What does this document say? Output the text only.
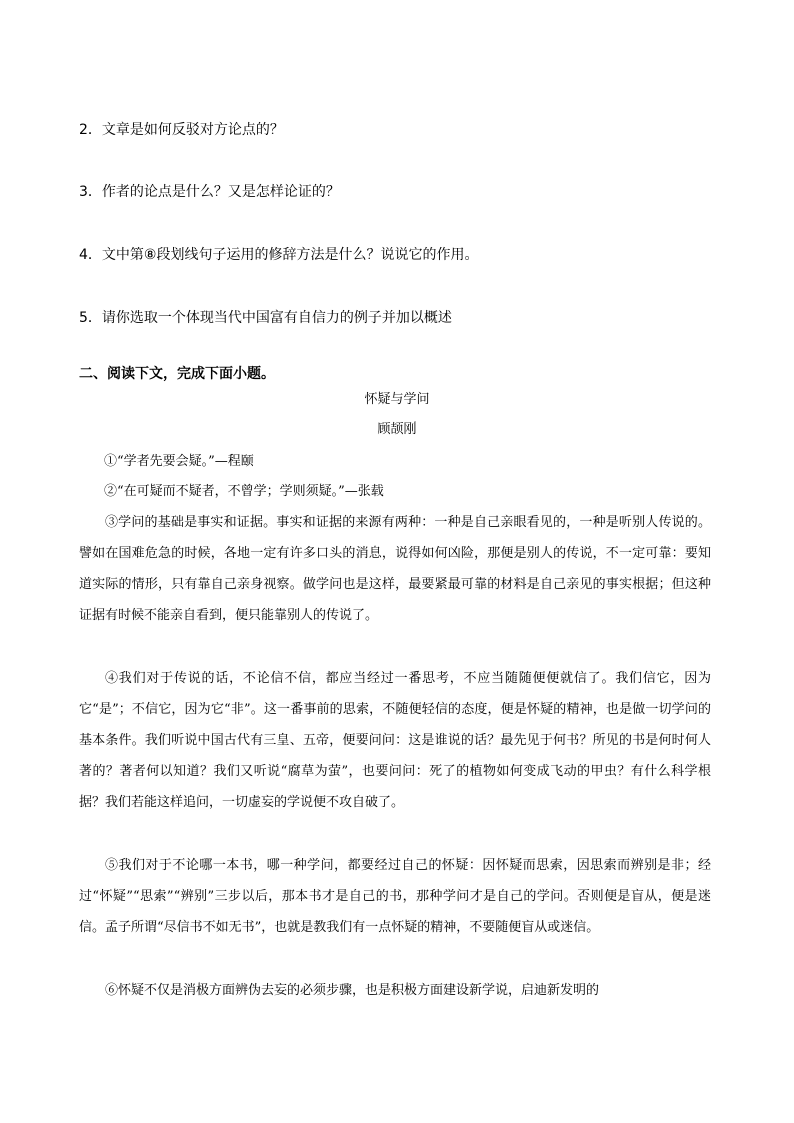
2．文章是如何反驳对方论点的？
3．作者的论点是什么？又是怎样论证的？
4．文中第⑧段划线句子运用的修辞方法是什么？说说它的作用。
5．请你选取一个体现当代中国富有自信力的例子并加以概述
二、阅读下文，完成下面小题。
怀疑与学问
顾颉刚
①“学者先要会疑。”—程颐
②“在可疑而不疑者，不曾学；学则须疑。”—张载

③学问的基础是事实和证据。事实和证据的来源有两种：一种是自己亲眼看见的，一种是听别人传说的。譬如在国难危急的时候，各地一定有许多口头的消息，说得如何凶险，那便是别人的传说，不一定可靠：要知道实际的情形，只有靠自己亲身视察。做学问也是这样，最要紧最可靠的材料是自己亲见的事实根据；但这种证据有时候不能亲自看到，便只能靠别人的传说了。

④我们对于传说的话，不论信不信，都应当经过一番思考，不应当随随便便就信了。我们信它，因为它“是”；不信它，因为它“非”。这一番事前的思索，不随便轻信的态度，便是怀疑的精神，也是做一切学问的基本条件。我们听说中国古代有三皇、五帝，便要问问：这是谁说的话？最先见于何书？所见的书是何时何人著的？著者何以知道？我们又听说“腐草为萤”，也要问问：死了的植物如何变成飞动的甲虫？有什么科学根据？我们若能这样追问，一切虚妄的学说便不攻自破了。

⑤我们对于不论哪一本书，哪一种学问，都要经过自己的怀疑：因怀疑而思索，因思索而辨别是非；经过“怀疑”“思索”“辨别”三步以后，那本书才是自己的书，那种学问才是自己的学问。否则便是盲从，便是迷信。孟子所谓“尽信书不如无书”，也就是教我们有一点怀疑的精神，不要随便盲从或迷信。

⑥怀疑不仅是消极方面辨伪去妄的必须步骤，也是积极方面建设新学说，启迪新发明的
